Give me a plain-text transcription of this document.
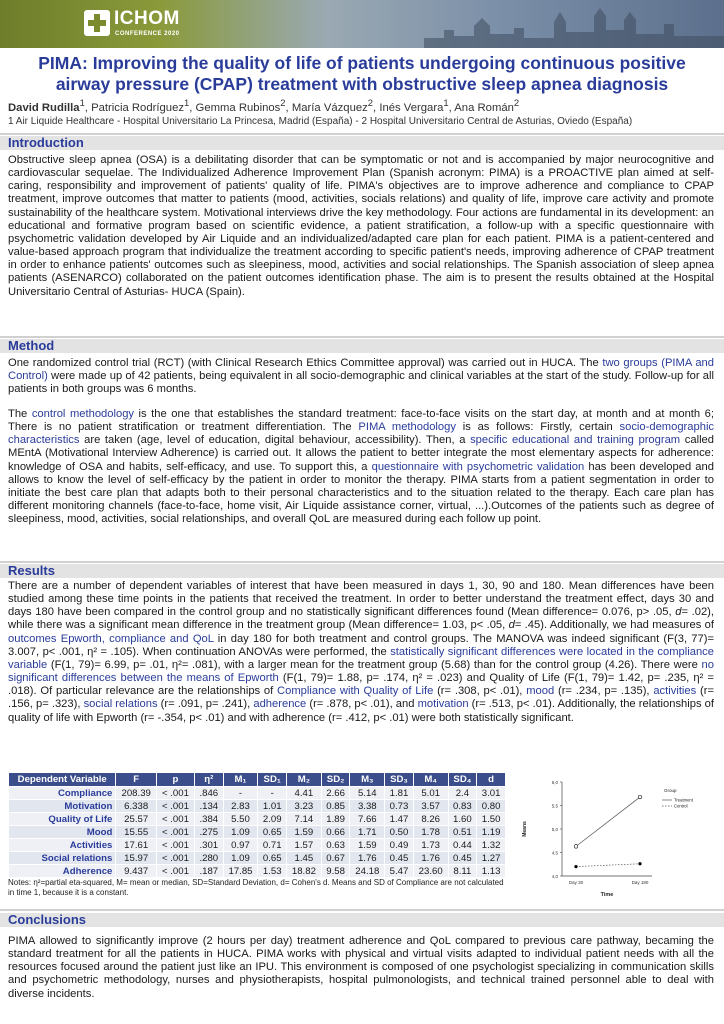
ICHOM
CONFERENCE 2020
PIMA: Improving the quality of life of patients undergoing continuous positive
airway pressure (CPAP) treatment with obstructive sleep apnea diagnosis
David Rudilla$^1$, Patricia Rodríguez$^1$, Gemma Rubinos$^2$, María Vázquez$^2$, Inés Vergara$^1$, Ana Román$^2$
1 Air Liquide Healthcare - Hospital Universitario La Princesa, Madrid (España) - 2 Hospital Universitario Central de Asturias, Oviedo (España)
Introduction
Obstructive sleep apnea (OSA) is a debilitating disorder that can be symptomatic or not and is accompanied by major neurocognitive and cardiovascular sequelae. The Individualized Adherence Improvement Plan (Spanish acronym: PIMA) is a PROACTIVE plan aimed at self-caring, responsibility and improvement of patients' quality of life. PIMA's objectives are to improve adherence and compliance to CPAP treatment, improve outcomes that matter to patients (mood, activities, socials relations) and quality of life, improve care activity and promote sustainability of the healthcare system. Motivational interviews drive the key methodology. Four actions are fundamental in its development: an educational and formative program based on scientific evidence, a patient stratification, a follow-up with a specific questionnaire with psychometric validation developed by Air Liquide and an individualized/adapted care plan for each patient. PIMA is a patient-centered and value-based approach program that individualize the treatment according to specific patient's needs, improving adherence of CPAP treatment in order to enhance patients' outcomes such as sleepiness, mood, activities and social relationships. The Spanish association of sleep apnea patients (ASENARCO) collaborated on the patient outcomes identification phase. The aim is to present the results obtained at the Hospital Universitario Central of Asturias- HUCA (Spain).
Method
One randomized control trial (RCT) (with Clinical Research Ethics Committee approval) was carried out in HUCA. The two groups (PIMA and Control) were made up of 42 patients, being equivalent in all socio-demographic and clinical variables at the start of the study. Follow-up for all patients in both groups was 6 months.
The control methodology is the one that establishes the standard treatment: face-to-face visits on the start day, at month and at month 6; There is no patient stratification or treatment differentiation. The PIMA methodology is as follows: Firstly, certain socio-demographic characteristics are taken (age, level of education, digital behaviour, accessibility). Then, a specific educational and training program called MEntA (Motivational Interview Adherence) is carried out. It allows the patient to better integrate the most elementary aspects for adherence: knowledge of OSA and habits, self-efficacy, and use. To support this, a questionnaire with psychometric validation has been developed and allows to know the level of self-efficacy by the patient in order to monitor the therapy. PIMA starts from a patient segmentation in order to initiate the best care plan that adapts both to their personal characteristics and to the situation related to the therapy. Each care plan has different monitoring channels (face-to-face, home visit, Air Liquide assistance corner, virtual, ...).Outcomes of the patients such as degree of sleepiness, mood, activities, social relationships, and overall QoL are measured during each follow up point.
Results
There are a number of dependent variables of interest that have been measured in days 1, 30, 90 and 180. Mean differences have been studied among these time points in the patients that received the treatment. In order to better understand the treatment effect, days 30 and days 180 have been compared in the control group and no statistically significant differences found (Mean difference= 0.076, p> .05, d= .02), while there was a significant mean difference in the treatment group (Mean difference= 1.03, p< .05, d= .45). Additionally, we had measures of outcomes Epworth, compliance and QoL in day 180 for both treatment and control groups. The MANOVA was indeed significant (F(3, 77)= 3.007, p< .001, η² = .105). When continuation ANOVAs were performed, the statistically significant differences were located in the compliance variable (F(1, 79)= 6.99, p= .01, η²= .081), with a larger mean for the treatment group (5.68) than for the control group (4.26). There were no significant differences between the means of Epworth (F(1, 79)= 1.88, p= .174, η² = .023) and Quality of Life (F(1, 79)= 1.42, p= .235, η² = .018). Of particular relevance are the relationships of Compliance with Quality of Life (r= .308, p< .01), mood (r= .234, p= .135), activities (r= .156, p= .323), social relations (r= .091, p= .241), adherence (r= .878, p< .01), and motivation (r= .513, p< .01). Additionally, the relationships of quality of life with Epworth (r= -.354, p< .01) and with adherence (r= .412, p< .01) were both statistically significant.
Dependent Variable	F	p	η²	M₁	SD₁	M₂	SD₂	M₃	SD₃	M₄	SD₄	d
Compliance	208.39	< .001	.846	-	-	4.41	2.66	5.14	1.81	5.01	2.4	3.01
Motivation	6.338	< .001	.134	2.83	1.01	3.23	0.85	3.38	0.73	3.57	0.83	0.80
Quality of Life	25.57	< .001	.384	5.50	2.09	7.14	1.89	7.66	1.47	8.26	1.60	1.50
Mood	15.55	< .001	.275	1.09	0.65	1.59	0.66	1.71	0.50	1.78	0.51	1.19
Activities	17.61	< .001	.301	0.97	0.71	1.57	0.63	1.59	0.49	1.73	0.44	1.32
Social relations	15.97	< .001	.280	1.09	0.65	1.45	0.67	1.76	0.45	1.76	0.45	1.27
Adherence	9.437	< .001	.187	17.85	1.53	18.82	9.58	24.18	5.47	23.60	8.11	1.13
Notes: η²=partial eta-squared, M= mean or median, SD=Standard Deviation, d= Cohen's d. Means and SD of Compliance are not calculated in time 1, because it is a constant.
4,0
4,5
5,0
5,5
6,0
Day 30	Day 180
Time
Means
Group
Treatment
Control
Conclusions
PIMA allowed to significantly improve (2 hours per day) treatment adherence and QoL compared to previous care pathway, becaming the standard treatment for all the patients in HUCA. PIMA works with physical and virtual visits adapted to individual patient needs with all the resources focused around the patient just like an IPU. This environment is composed of one psychologist specializing in communication skills and psychometric methodology, nurses and physiotherapists, hospital pulmonologists, and technical trained personnel able to deal with diverse incidents.
